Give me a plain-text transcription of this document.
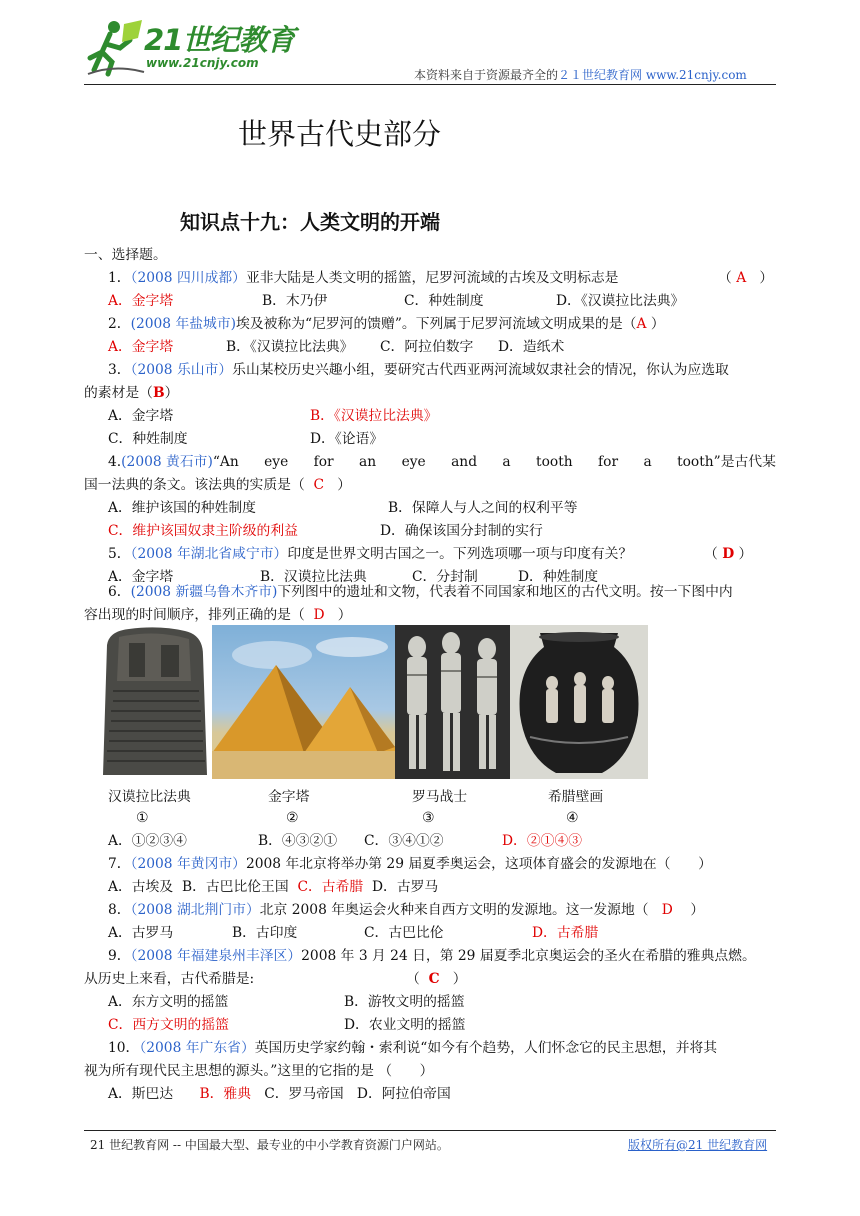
21世纪教育
www.21cnjy.com
本资料来自于资源最齐全的２１世纪教育网 www.21cnjy.com
世界古代史部分
知识点十九：人类文明的开端
一、选择题。
1．（2008 四川成都）亚非大陆是人类文明的摇篮，尼罗河流域的古埃及文明标志是	（ A ）
A．金字塔	B．木乃伊	C．种姓制度	D．《汉谟拉比法典》
2．(2008 年盐城市)埃及被称为“尼罗河的馈赠”。下列属于尼罗河流域文明成果的是（A ）
A．金字塔	B．《汉谟拉比法典》 C．阿拉伯数字 D．造纸术
3．（2008 乐山市）乐山某校历史兴趣小组，要研究古代西亚两河流域奴隶社会的情况，你认为应选取
的素材是（B）
A．金字塔	B．《汉谟拉比法典》
C．种姓制度	D．《论语》
4.(2008 黄石市)“An eye for an eye and a tooth for a tooth”是古代某
国一法典的条文。该法典的实质是（ C ）
A．维护该国的种姓制度	B．保障人与人之间的权利平等
C．维护该国奴隶主阶级的利益	D．确保该国分封制的实行
5．（2008 年湖北省咸宁市）印度是世界文明古国之一。下列选项哪一项与印度有关？	（ D ）
A．金字塔	B．汉谟拉比法典	C．分封制	D．种姓制度
6．(2008 新疆乌鲁木齐市)下列图中的遗址和文物，代表着不同国家和地区的古代文明。按一下图中内
容出现的时间顺序，排列正确的是（ D ）
汉谟拉比法典	金字塔	罗马战士	希腊壁画
①	②	③	④
A．①②③④	B．④③②① C．③④①②	D．②①④③
7．（2008 年黄冈市）2008 年北京将举办第 29 届夏季奥运会，这项体育盛会的发源地在（　　）
A．古埃及 B．古巴比伦王国 C．古希腊 D．古罗马
8．（2008 湖北荆门市）北京 2008 年奥运会火种来自西方文明的发源地。这一发源地（ D ）
A．古罗马	B．古印度	C．古巴比伦	D．古希腊
9．（2008 年福建泉州丰泽区）2008 年 3 月 24 日，第 29 届夏季北京奥运会的圣火在希腊的雅典点燃。
从历史上来看，古代希腊是:	（ C ）
A．东方文明的摇篮	B．游牧文明的摇篮
C．西方文明的摇篮	D．农业文明的摇篮
10．（2008 年广东省）英国历史学家约翰・索利说“如今有个趋势，人们怀念它的民主思想，并将其
视为所有现代民主思想的源头。”这里的它指的是 （　　）
A．斯巴达 B．雅典 C．罗马帝国 D．阿拉伯帝国
21 世纪教育网 -- 中国最大型、最专业的中小学教育资源门户网站。	版权所有@21 世纪教育网
